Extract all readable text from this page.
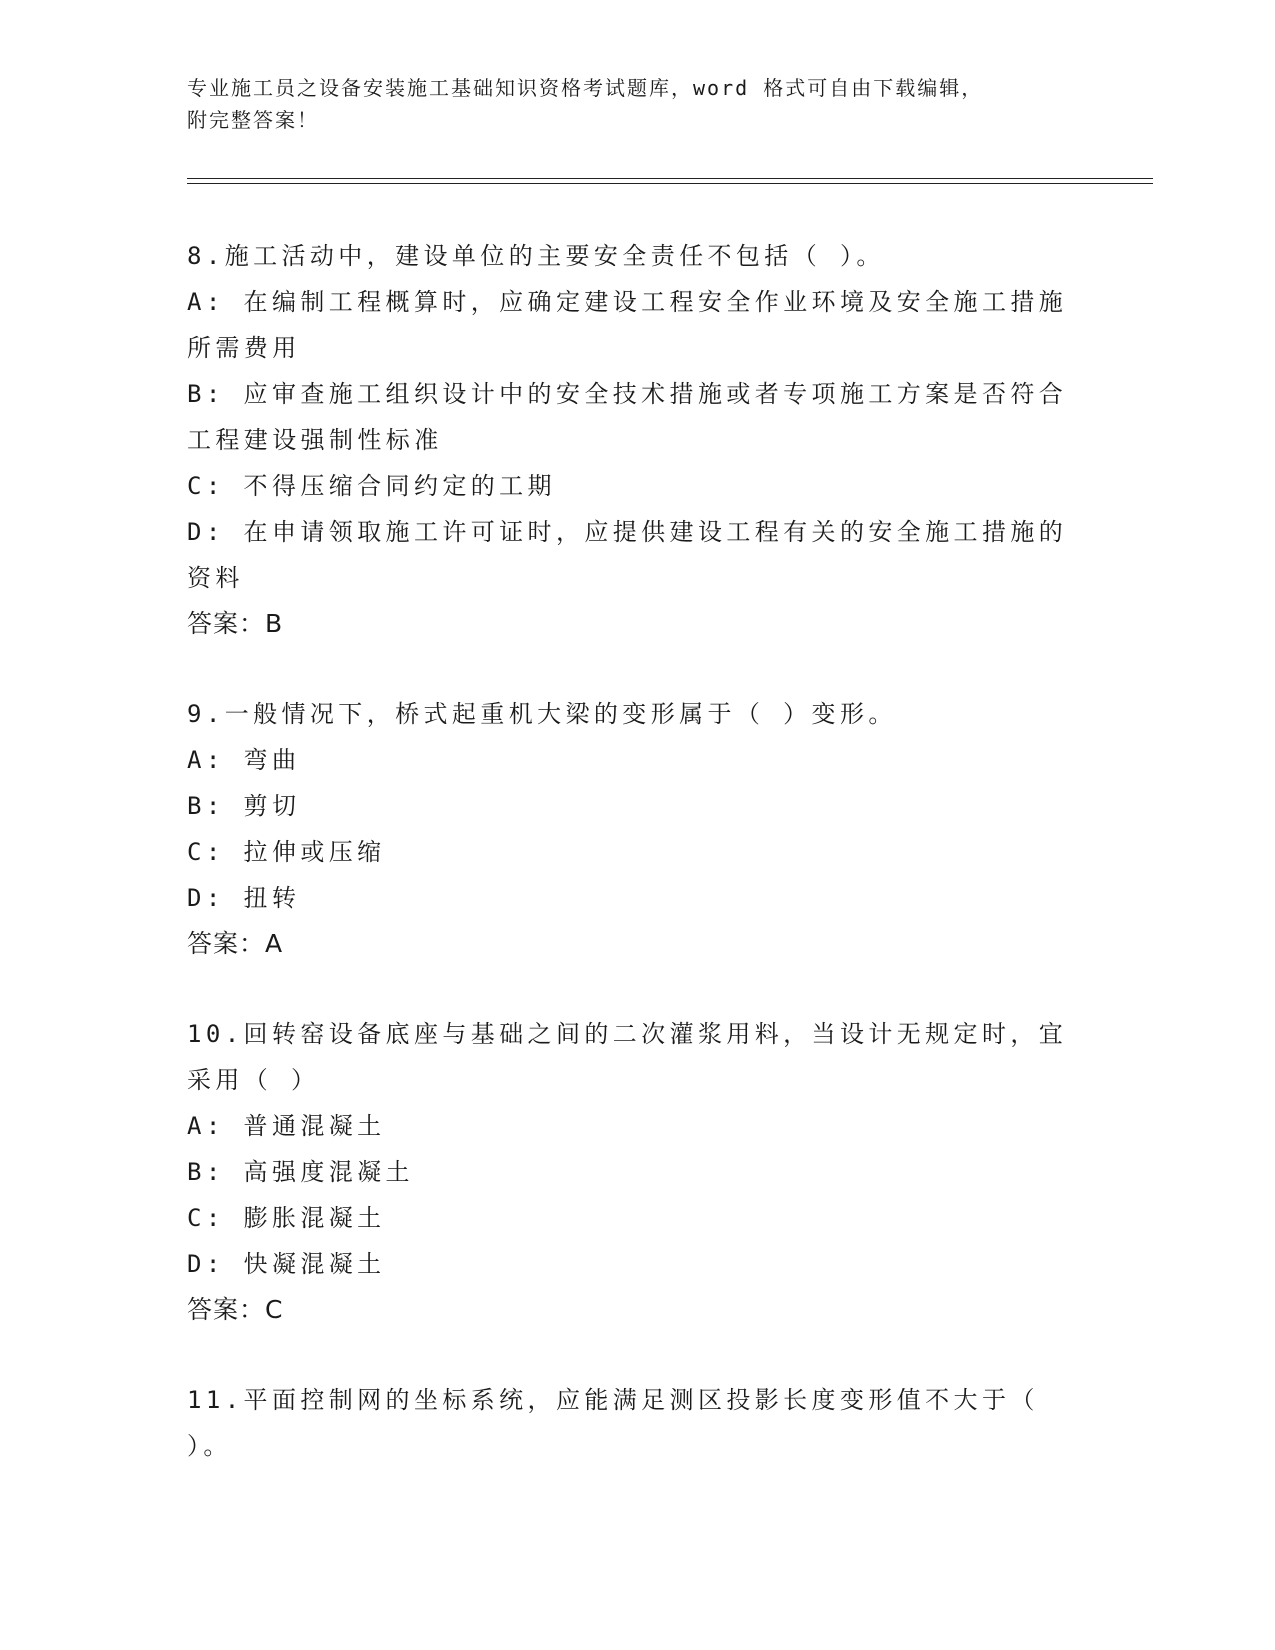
专业施工员之设备安装施工基础知识资格考试题库，word 格式可自由下载编辑，
附完整答案！
8.施工活动中，建设单位的主要安全责任不包括（ ）。
A: 在编制工程概算时，应确定建设工程安全作业环境及安全施工措施
所需费用
B: 应审查施工组织设计中的安全技术措施或者专项施工方案是否符合
工程建设强制性标准
C: 不得压缩合同约定的工期
D: 在申请领取施工许可证时，应提供建设工程有关的安全施工措施的
资料
答案：B
9.一般情况下，桥式起重机大梁的变形属于（ ）变形。
A: 弯曲
B: 剪切
C: 拉伸或压缩
D: 扭转
答案：A
10.回转窑设备底座与基础之间的二次灌浆用料，当设计无规定时，宜
采用（ ）
A: 普通混凝土
B: 高强度混凝土
C: 膨胀混凝土
D: 快凝混凝土
答案：C
11.平面控制网的坐标系统，应能满足测区投影长度变形值不大于（
）。
